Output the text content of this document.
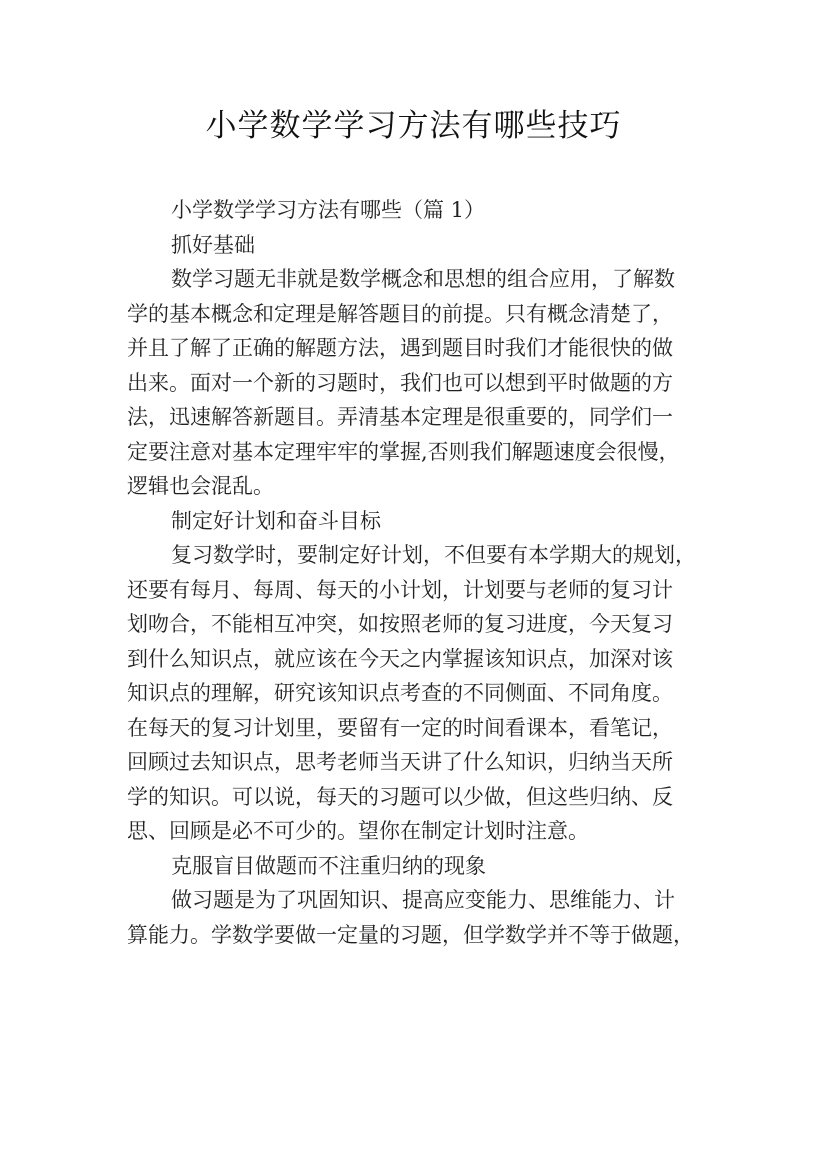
小学数学学习方法有哪些技巧
小学数学学习方法有哪些（篇 1）
抓好基础
数学习题无非就是数学概念和思想的组合应用，了解数
学的基本概念和定理是解答题目的前提。只有概念清楚了，
并且了解了正确的解题方法，遇到题目时我们才能很快的做
出来。面对一个新的习题时，我们也可以想到平时做题的方
法，迅速解答新题目。弄清基本定理是很重要的，同学们一
定要注意对基本定理牢牢的掌握,否则我们解题速度会很慢，
逻辑也会混乱。
制定好计划和奋斗目标
复习数学时，要制定好计划，不但要有本学期大的规划，
还要有每月、每周、每天的小计划，计划要与老师的复习计
划吻合，不能相互冲突，如按照老师的复习进度，今天复习
到什么知识点，就应该在今天之内掌握该知识点，加深对该
知识点的理解，研究该知识点考查的不同侧面、不同角度。
在每天的复习计划里，要留有一定的时间看课本，看笔记，
回顾过去知识点，思考老师当天讲了什么知识，归纳当天所
学的知识。可以说，每天的习题可以少做，但这些归纳、反
思、回顾是必不可少的。望你在制定计划时注意。
克服盲目做题而不注重归纳的现象
做习题是为了巩固知识、提高应变能力、思维能力、计
算能力。学数学要做一定量的习题，但学数学并不等于做题，
